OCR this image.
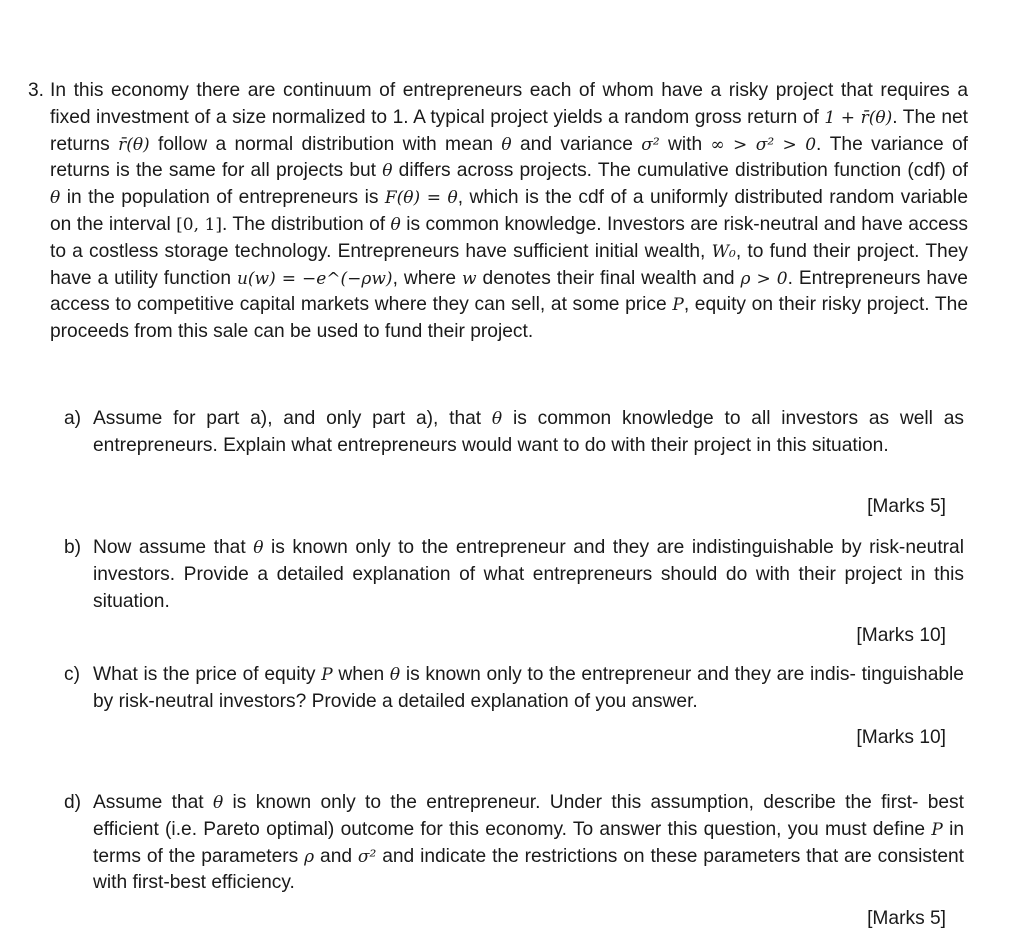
3. In this economy there are continuum of entrepreneurs each of whom have a risky project that requires a fixed investment of a size normalized to 1. A typical project yields a random gross return of 1 + r̄(θ). The net returns r̄(θ) follow a normal distribution with mean θ and variance σ² with ∞ > σ² > 0. The variance of returns is the same for all projects but θ differs across projects. The cumulative distribution function (cdf) of θ in the population of entrepreneurs is F(θ) = θ, which is the cdf of a uniformly distributed random variable on the interval [0, 1]. The distribution of θ is common knowledge. Investors are risk-neutral and have access to a costless storage technology. Entrepreneurs have sufficient initial wealth, W₀, to fund their project. They have a utility function u(w) = −e^(−ρw), where w denotes their final wealth and ρ > 0. Entrepreneurs have access to competitive capital markets where they can sell, at some price P, equity on their risky project. The proceeds from this sale can be used to fund their project.
a) Assume for part a), and only part a), that θ is common knowledge to all investors as well as entrepreneurs. Explain what entrepreneurs would want to do with their project in this situation.
[Marks 5]
b) Now assume that θ is known only to the entrepreneur and they are indistinguishable by risk-neutral investors. Provide a detailed explanation of what entrepreneurs should do with their project in this situation.
[Marks 10]
c) What is the price of equity P when θ is known only to the entrepreneur and they are indis- tinguishable by risk-neutral investors? Provide a detailed explanation of you answer.
[Marks 10]
d) Assume that θ is known only to the entrepreneur. Under this assumption, describe the first- best efficient (i.e. Pareto optimal) outcome for this economy. To answer this question, you must define P in terms of the parameters ρ and σ² and indicate the restrictions on these parameters that are consistent with first-best efficiency.
[Marks 5]
